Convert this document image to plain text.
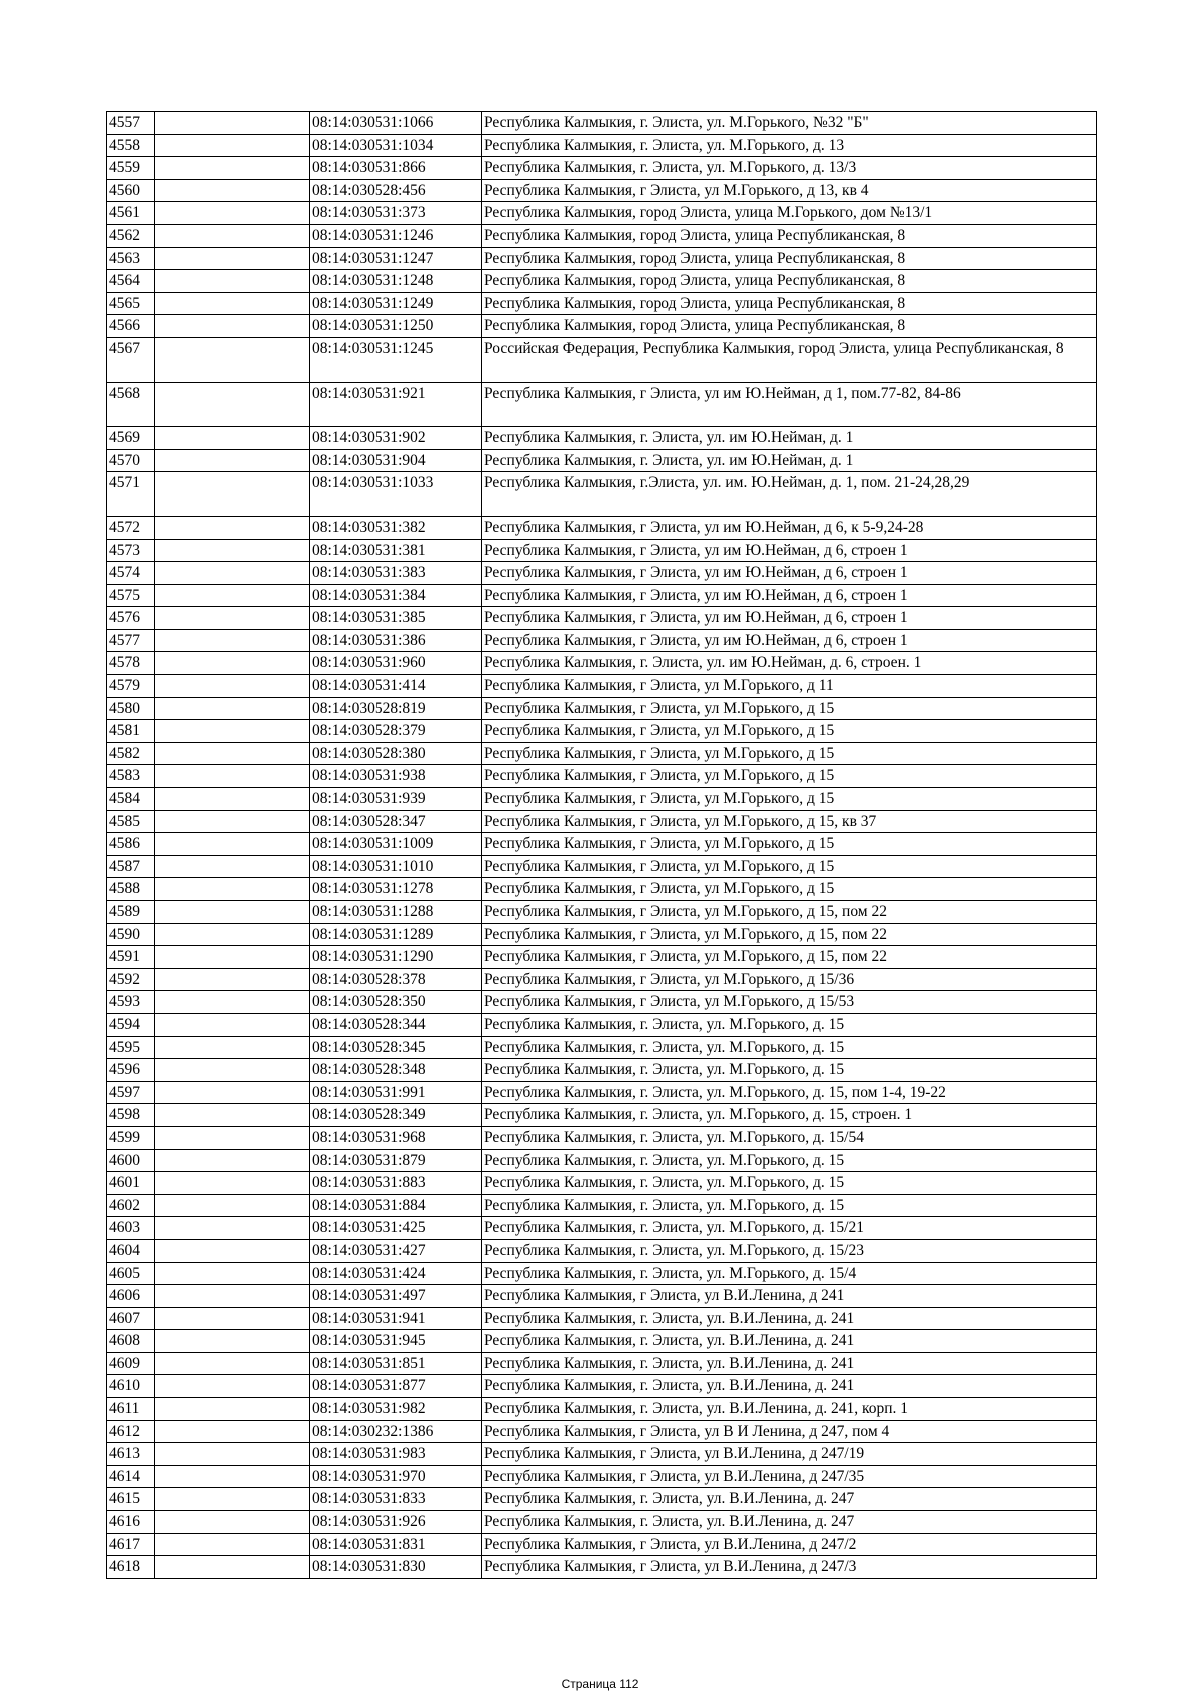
4557		08:14:030531:1066	Республика Калмыкия, г. Элиста, ул. М.Горького, №32 "Б"
4558		08:14:030531:1034	Республика Калмыкия, г. Элиста, ул. М.Горького, д. 13
4559		08:14:030531:866	Республика Калмыкия, г. Элиста, ул. М.Горького, д. 13/3
4560		08:14:030528:456	Республика Калмыкия, г Элиста, ул М.Горького, д 13, кв 4
4561		08:14:030531:373	Республика Калмыкия, город Элиста, улица М.Горького, дом №13/1
4562		08:14:030531:1246	Республика Калмыкия, город Элиста, улица Республиканская, 8
4563		08:14:030531:1247	Республика Калмыкия, город Элиста, улица Республиканская, 8
4564		08:14:030531:1248	Республика Калмыкия, город Элиста, улица Республиканская, 8
4565		08:14:030531:1249	Республика Калмыкия, город Элиста, улица Республиканская, 8
4566		08:14:030531:1250	Республика Калмыкия, город Элиста, улица Республиканская, 8
4567		08:14:030531:1245	Российская Федерация, Республика Калмыкия, город Элиста, улица Республиканская, 8
4568		08:14:030531:921	Республика Калмыкия, г Элиста, ул им Ю.Нейман, д 1, пом.77-82, 84-86
4569		08:14:030531:902	Республика Калмыкия, г. Элиста, ул. им Ю.Нейман, д. 1
4570		08:14:030531:904	Республика Калмыкия, г. Элиста, ул. им Ю.Нейман, д. 1
4571		08:14:030531:1033	Республика Калмыкия, г.Элиста, ул. им. Ю.Нейман, д. 1, пом. 21-24,28,29
4572		08:14:030531:382	Республика Калмыкия, г Элиста, ул им Ю.Нейман, д 6, к 5-9,24-28
4573		08:14:030531:381	Республика Калмыкия, г Элиста, ул им Ю.Нейман, д 6, строен 1
4574		08:14:030531:383	Республика Калмыкия, г Элиста, ул им Ю.Нейман, д 6, строен 1
4575		08:14:030531:384	Республика Калмыкия, г Элиста, ул им Ю.Нейман, д 6, строен 1
4576		08:14:030531:385	Республика Калмыкия, г Элиста, ул им Ю.Нейман, д 6, строен 1
4577		08:14:030531:386	Республика Калмыкия, г Элиста, ул им Ю.Нейман, д 6, строен 1
4578		08:14:030531:960	Республика Калмыкия, г. Элиста, ул. им Ю.Нейман, д. 6, строен. 1
4579		08:14:030531:414	Республика Калмыкия, г Элиста, ул М.Горького, д 11
4580		08:14:030528:819	Республика Калмыкия, г Элиста, ул М.Горького, д 15
4581		08:14:030528:379	Республика Калмыкия, г Элиста, ул М.Горького, д 15
4582		08:14:030528:380	Республика Калмыкия, г Элиста, ул М.Горького, д 15
4583		08:14:030531:938	Республика Калмыкия, г Элиста, ул М.Горького, д 15
4584		08:14:030531:939	Республика Калмыкия, г Элиста, ул М.Горького, д 15
4585		08:14:030528:347	Республика Калмыкия, г Элиста, ул М.Горького, д 15, кв 37
4586		08:14:030531:1009	Республика Калмыкия, г Элиста, ул М.Горького, д 15
4587		08:14:030531:1010	Республика Калмыкия, г Элиста, ул М.Горького, д 15
4588		08:14:030531:1278	Республика Калмыкия, г Элиста, ул М.Горького, д 15
4589		08:14:030531:1288	Республика Калмыкия, г Элиста, ул М.Горького, д 15, пом 22
4590		08:14:030531:1289	Республика Калмыкия, г Элиста, ул М.Горького, д 15, пом 22
4591		08:14:030531:1290	Республика Калмыкия, г Элиста, ул М.Горького, д 15, пом 22
4592		08:14:030528:378	Республика Калмыкия, г Элиста, ул М.Горького, д 15/36
4593		08:14:030528:350	Республика Калмыкия, г Элиста, ул М.Горького, д 15/53
4594		08:14:030528:344	Республика Калмыкия, г. Элиста, ул. М.Горького, д. 15
4595		08:14:030528:345	Республика Калмыкия, г. Элиста, ул. М.Горького, д. 15
4596		08:14:030528:348	Республика Калмыкия, г. Элиста, ул. М.Горького, д. 15
4597		08:14:030531:991	Республика Калмыкия, г. Элиста, ул. М.Горького, д. 15, пом 1-4, 19-22
4598		08:14:030528:349	Республика Калмыкия, г. Элиста, ул. М.Горького, д. 15, строен. 1
4599		08:14:030531:968	Республика Калмыкия, г. Элиста, ул. М.Горького, д. 15/54
4600		08:14:030531:879	Республика Калмыкия, г. Элиста, ул. М.Горького, д. 15
4601		08:14:030531:883	Республика Калмыкия, г. Элиста, ул. М.Горького, д. 15
4602		08:14:030531:884	Республика Калмыкия, г. Элиста, ул. М.Горького, д. 15
4603		08:14:030531:425	Республика Калмыкия, г. Элиста, ул. М.Горького, д. 15/21
4604		08:14:030531:427	Республика Калмыкия, г. Элиста, ул. М.Горького, д. 15/23
4605		08:14:030531:424	Республика Калмыкия, г. Элиста, ул. М.Горького, д. 15/4
4606		08:14:030531:497	Республика Калмыкия, г Элиста, ул В.И.Ленина, д 241
4607		08:14:030531:941	Республика Калмыкия, г. Элиста, ул. В.И.Ленина, д. 241
4608		08:14:030531:945	Республика Калмыкия, г. Элиста, ул. В.И.Ленина, д. 241
4609		08:14:030531:851	Республика Калмыкия, г. Элиста, ул. В.И.Ленина, д. 241
4610		08:14:030531:877	Республика Калмыкия, г. Элиста, ул. В.И.Ленина, д. 241
4611		08:14:030531:982	Республика Калмыкия, г. Элиста, ул. В.И.Ленина, д. 241, корп. 1
4612		08:14:030232:1386	Республика Калмыкия, г Элиста, ул В И Ленина, д 247, пом 4
4613		08:14:030531:983	Республика Калмыкия, г Элиста, ул В.И.Ленина, д 247/19
4614		08:14:030531:970	Республика Калмыкия, г Элиста, ул В.И.Ленина, д 247/35
4615		08:14:030531:833	Республика Калмыкия, г. Элиста, ул. В.И.Ленина, д. 247
4616		08:14:030531:926	Республика Калмыкия, г. Элиста, ул. В.И.Ленина, д. 247
4617		08:14:030531:831	Республика Калмыкия, г Элиста, ул В.И.Ленина, д 247/2
4618		08:14:030531:830	Республика Калмыкия, г Элиста, ул В.И.Ленина, д 247/3
Страница 112
